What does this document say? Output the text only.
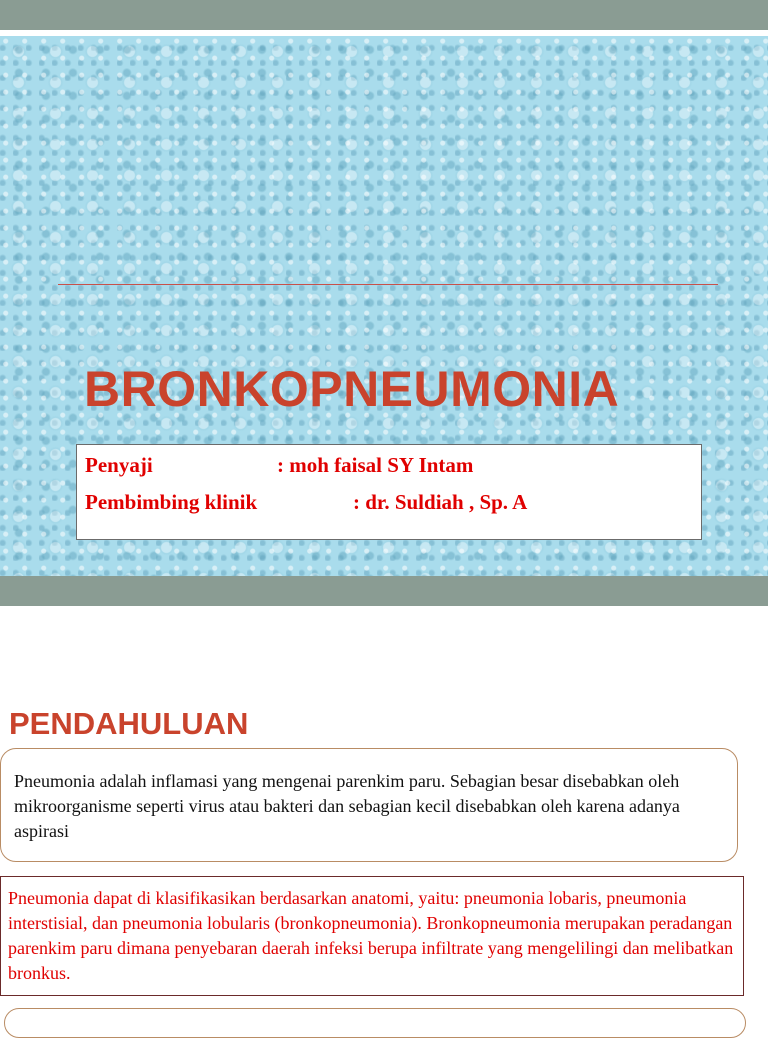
BRONKOPNEUMONIA

Penyaji	: moh faisal SY Intam

Pembimbing klinik	: dr. Suldiah , Sp. A

PENDAHULUAN

Pneumonia adalah inflamasi yang mengenai parenkim paru. Sebagian besar disebabkan oleh mikroorganisme seperti virus atau bakteri dan sebagian kecil disebabkan oleh karena adanya aspirasi

Pneumonia dapat di klasifikasikan berdasarkan anatomi, yaitu: pneumonia lobaris, pneumonia interstisial, dan pneumonia lobularis (bronkopneumonia). Bronkopneumonia merupakan peradangan parenkim paru dimana penyebaran daerah infeksi berupa infiltrate yang mengelilingi dan melibatkan bronkus.
